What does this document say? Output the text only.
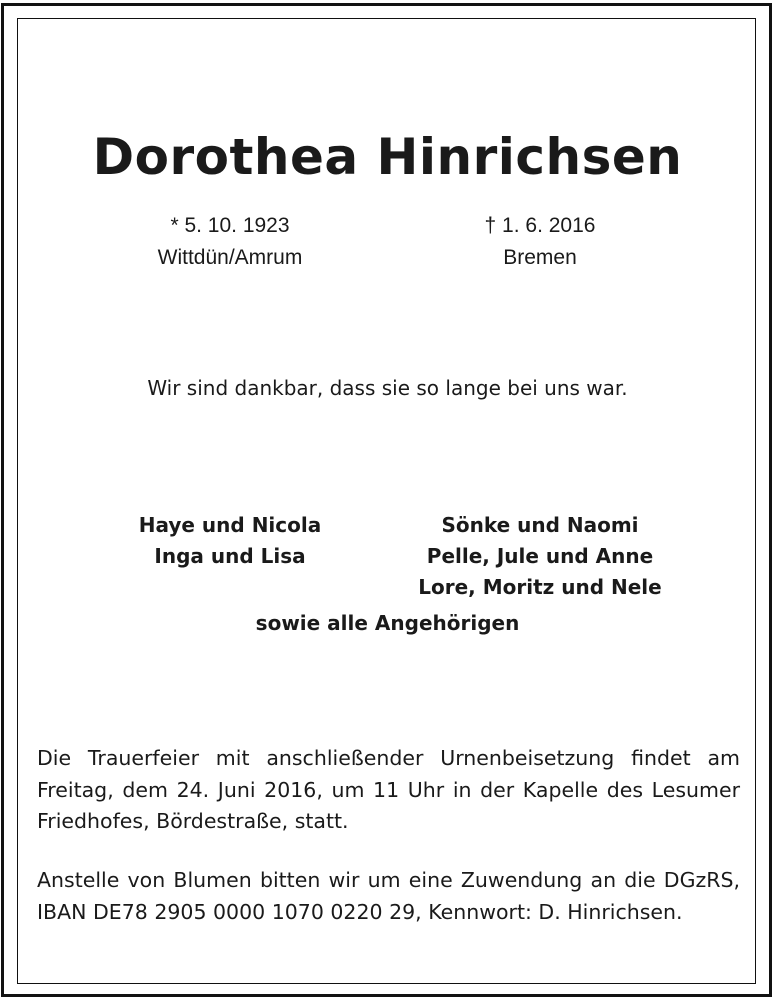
Dorothea Hinrichsen
* 5. 10. 1923
Wittdün/Amrum
† 1. 6. 2016
Bremen
Wir sind dankbar, dass sie so lange bei uns war.
Haye und Nicola
Inga und Lisa
Sönke und Naomi
Pelle, Jule und Anne
Lore, Moritz und Nele
sowie alle Angehörigen
Die Trauerfeier mit anschließender Urnenbeisetzung findet am
Freitag, dem 24. Juni 2016, um 11 Uhr in der Kapelle des Lesumer
Friedhofes, Bördestraße, statt.
Anstelle von Blumen bitten wir um eine Zuwendung an die DGzRS,
IBAN DE78 2905 0000 1070 0220 29, Kennwort: D. Hinrichsen.
